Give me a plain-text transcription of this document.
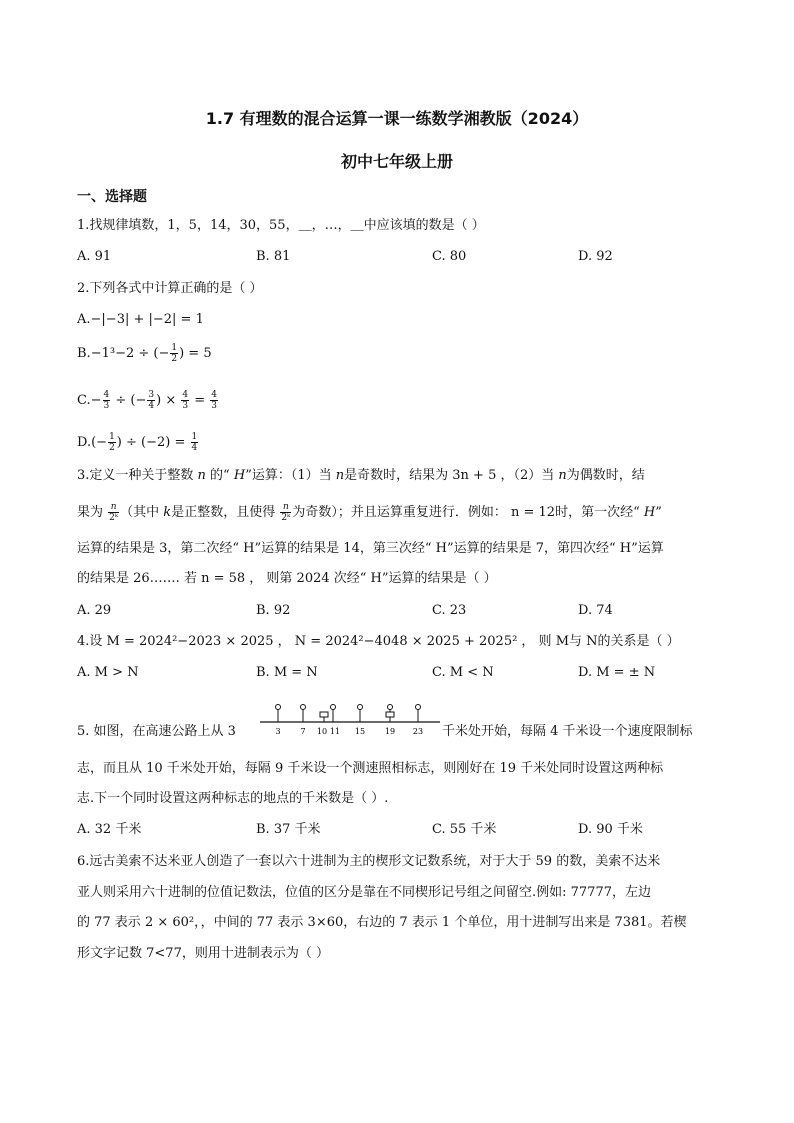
1.7 有理数的混合运算一课一练数学湘教版（2024）
初中七年级上册
一、选择题
1.找规律填数，1，5，14，30，55，＿，…，＿中应该填的数是（ ）
A. 91	B. 81	C. 80	D. 92
2.下列各式中计算正确的是（ ）
A.−|−3| + |−2| = 1
B.−1³−2 ÷ (− $\frac{1}{2}$ ) = 5
$C.- \frac{4}{3}$ ÷ (− $\frac{3}{4}$ ) × $\frac{4}{3} = \frac{4}{3}$
$D.(- \frac{1}{2}$ ) ÷ $(-2) = \frac{1}{4}$
3.定义一种关于整数 n 的“ H”运算：（1）当 n是奇数时，结果为 3n + 5 ，（2）当 n为偶数时，结
果为 $\frac{n}{\text{2ᵏ}}$ （其中 k是正整数，且使得 $\frac{n}{\text{2ᵏ}}$ 为奇数）；并且运算重复进行．例如： n = 12时，第一次经“ H”
运算的结果是 3，第二次经“ H”运算的结果是 14，第三次经“ H”运算的结果是 7，第四次经“ H”运算
的结果是 26……. 若 n = 58 ， 则第 2024 次经“ H”运算的结果是（ ）
A. 29	B. 92	C. 23	D. 74
4.设 M = 2024²−2023 × 2025 ， N = 2024²−4048 × 2025 + 2025² ， 则 M与 N的关系是（ ）
A. M > N	B. M = N	C. M < N	D. M = ± N
5. 如图，在高速公路上从 3	3 7 10 11 15 19 23 千米处开始，每隔 4 千米设一个速度限制标
志，而且从 10 千米处开始，每隔 9 千米设一个测速照相标志，则刚好在 19 千米处同时设置这两种标
志.下一个同时设置这两种标志的地点的千米数是（ ）.
A. 32 千米	B. 37 千米	C. 55 千米	D. 90 千米
6.远古美索不达米亚人创造了一套以六十进制为主的楔形文记数系统，对于大于 59 的数，美索不达米
亚人则采用六十进制的位值记数法，位值的区分是靠在不同楔形记号组之间留空.例如: 77777，左边
的 77 表示 2 × 60²，，中间的 77 表示 3×60，右边的 7 表示 1 个单位，用十进制写出来是 7381。若楔
形文字记数 7<77，则用十进制表示为（ ）
